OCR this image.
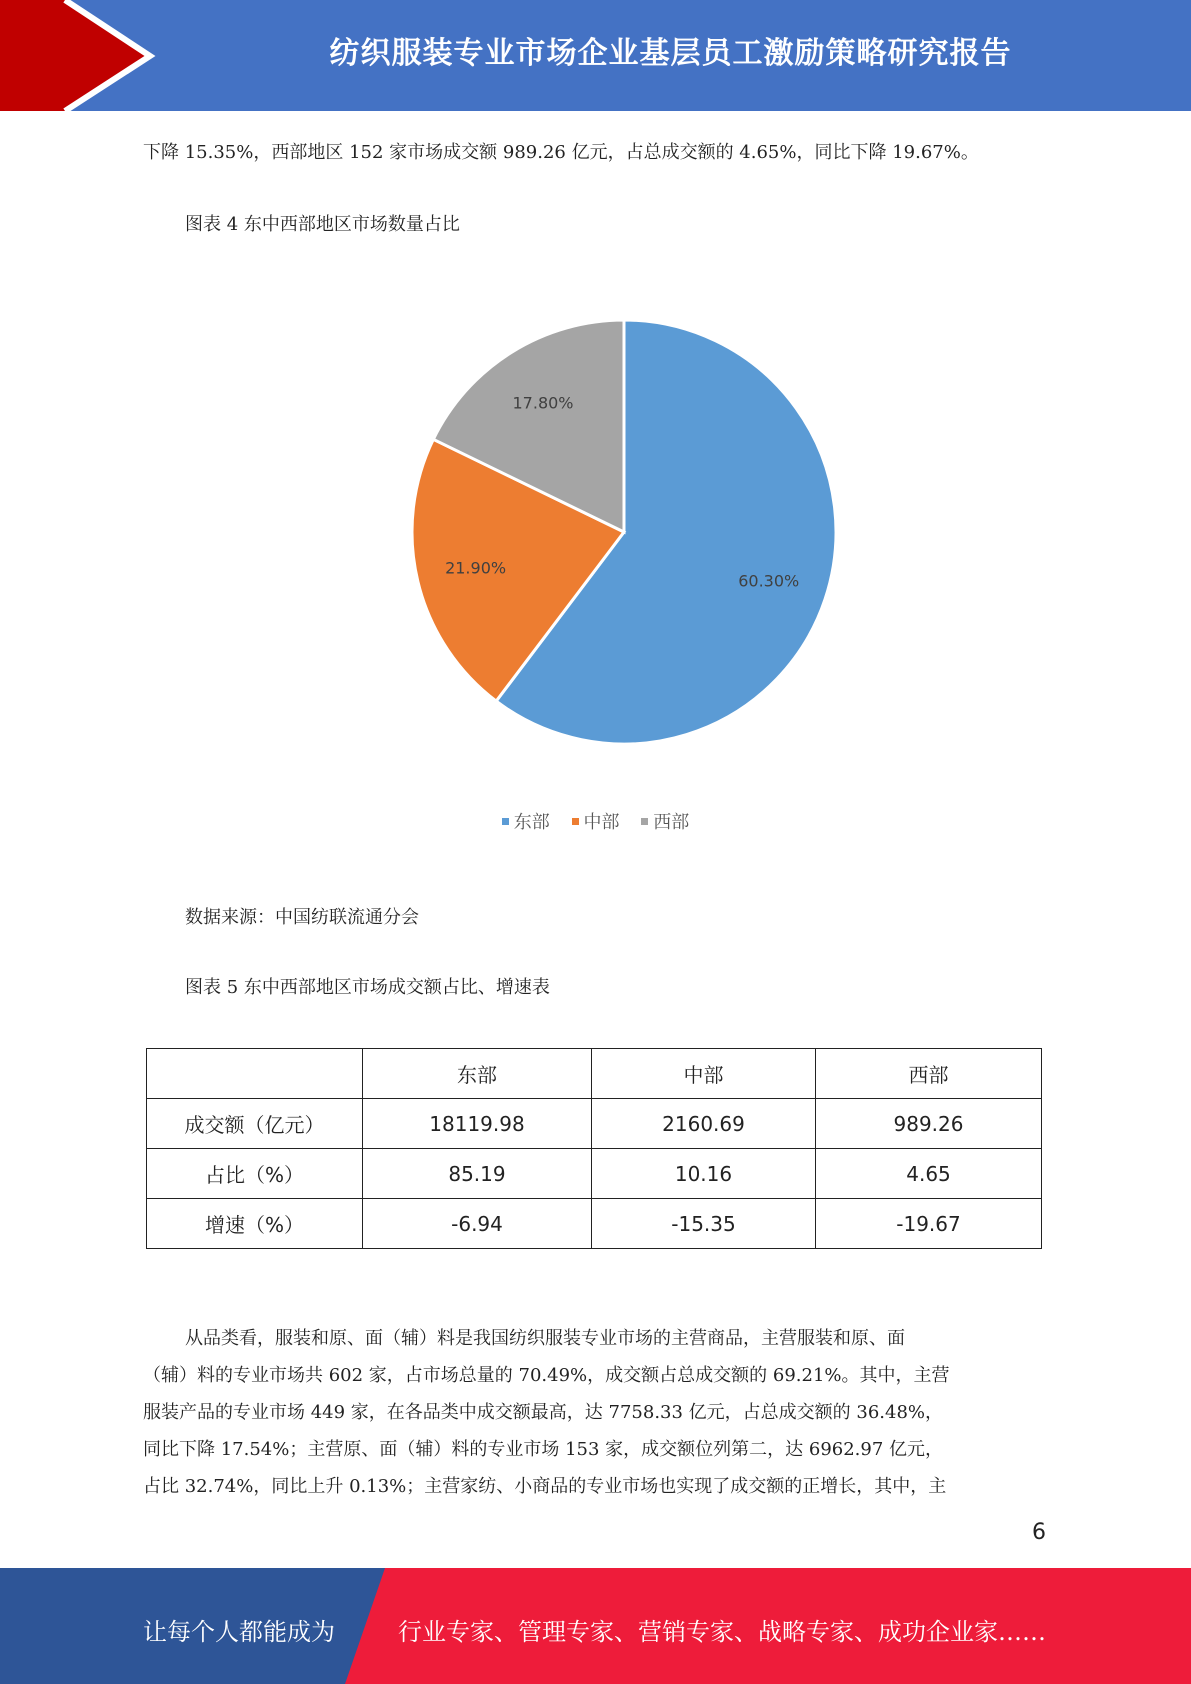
纺织服装专业市场企业基层员工激励策略研究报告
下降 15.35%，西部地区 152 家市场成交额 989.26 亿元，占总成交额的 4.65%，同比下降 19.67%。
图表 4 东中西部地区市场数量占比
60.30%
21.90%
17.80%
东部 中部 西部
数据来源：中国纺联流通分会
图表 5 东中西部地区市场成交额占比、增速表
	东部	中部	西部
成交额（亿元）	18119.98	2160.69	989.26
占比（%）	85.19	10.16	4.65
增速（%）	-6.94	-15.35	-19.67
从品类看，服装和原、面（辅）料是我国纺织服装专业市场的主营商品，主营服装和原、面
（辅）料的专业市场共 602 家，占市场总量的 70.49%，成交额占总成交额的 69.21%。其中，主营
服装产品的专业市场 449 家，在各品类中成交额最高，达 7758.33 亿元，占总成交额的 36.48%，
同比下降 17.54%；主营原、面（辅）料的专业市场 153 家，成交额位列第二，达 6962.97 亿元，
占比 32.74%，同比上升 0.13%；主营家纺、小商品的专业市场也实现了成交额的正增长，其中，主
6
让每个人都能成为	行业专家、管理专家、营销专家、战略专家、成功企业家……
